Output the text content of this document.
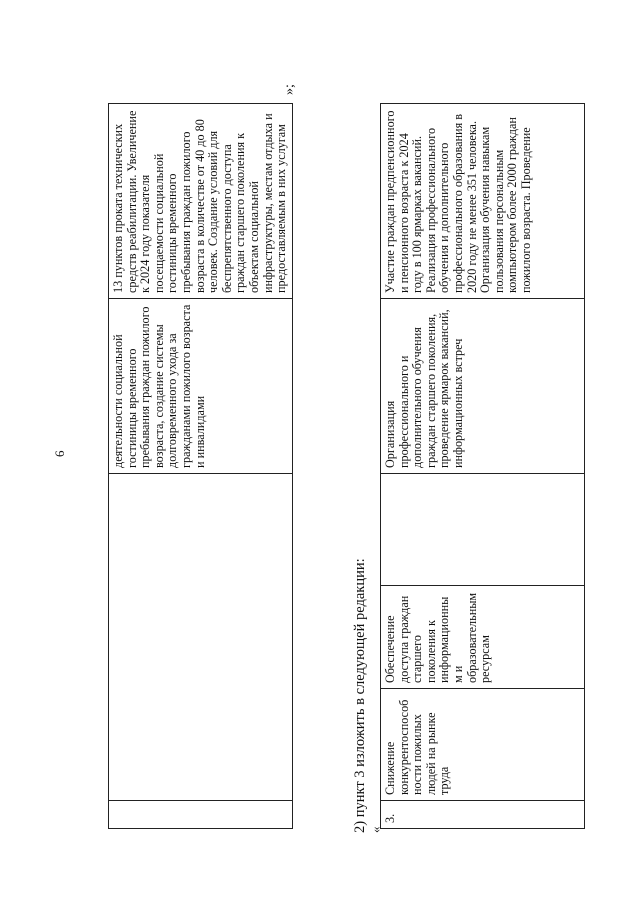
6
			деятельности социальной гостиницы временного пребывания граждан пожилого возраста, создание системы долговременного ухода за гражданами пожилого возраста и инвалидами	13 пунктов проката технических средств реабилитации. Увеличение к 2024 году показателя посещаемости социальной гостиницы временного пребывания граждан пожилого возраста в количестве от 40 до 80 человек. Создание условий для беспрепятственного доступа граждан старшего поколения к объектам социальной инфраструктуры, местам отдыха и предоставляемым в них услугам
»;
2) пункт 3 изложить в следующей редакции: «
3.	Снижение конкурентоспособности пожилых людей на рынке труда	Обеспечение доступа граждан старшего поколения к информационным и образовательным ресурсам		Организация профессионального и дополнительного обучения граждан старшего поколения, проведение ярмарок вакансий, информационных встреч	Участие граждан предпенсионного и пенсионного возраста к 2024 году в 100 ярмарках вакансий. Реализация профессионального обучения и дополнительного профессионального образования в 2020 году не менее 351 человека. Организация обучения навыкам пользования персональным компьютером более 2000 граждан пожилого возраста. Проведение
